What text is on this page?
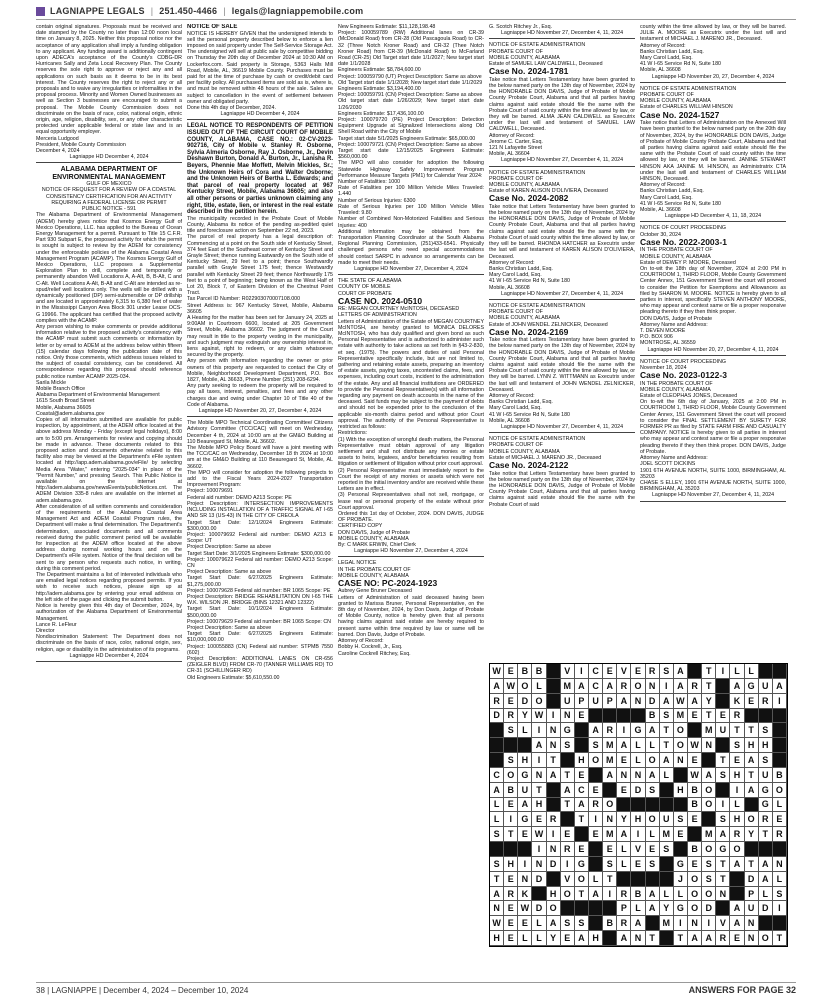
LAGNIAPPE LEGALS | 251.450-4466 | legals@lagniappemobile.com

contain original signatures. Proposals must be received and date stamped by the County no later than 12:00 noon local time on January 8, 2025. Neither this proposal notice nor the acceptance of any application shall imply a funding obligation to any applicant. Any funding award is additionally contingent upon ADECA's acceptance of the County's CDBG-DR Hurricanes Sally and Zeta Local Recovery Plan. The County reserves the sole right to approve or reject any and all applications on such basis as it deems to be in its best interest. The County reserves the right to reject any or all proposals and to waive any irregularities or informalities in the proposal process. Minority and Women Owned businesses as well as Section 3 businesses are encouraged to submit a proposal. The Mobile County Commission does not discriminate on the basis of race, color, national origin, ethnic origin, age, religion, disability, sex, or any other characteristic protected under applicable federal or state law and is an equal opportunity employer.

Merceria Ludgood
President, Mobile County Commission
December 4, 2024

Lagniappe HD December 4, 2024

ALABAMA DEPARTMENT OF ENVIRONMENTAL MANAGEMENT

GULF OF MEXICO
NOTICE OF REQUEST FOR A REVIEW OF A COASTAL CONSISTENCY CERTIFICATION FOR AN ACTIVITY REQUIRING A FEDERAL LICENSE OR PERMIT
PUBLIC NOTICE - 591

The Alabama Department of Environmental Management (ADEM) hereby gives notice that Kosmos Energy Gulf of Mexico Operations, LLC. has applied to the Bureau of Ocean Energy Management for a permit. Pursuant to Title 15 C.F.R. Part 930 Subpart E, the proposed activity for which the permit is sought is subject to review by the ADEM for consistency under the enforceable policies of the Alabama Coastal Area Management Program (ACAMP). The Kosmos Energy Gulf of Mexico Operations, LLC proposes a Supplemental Exploration Plan to drill, complete and temporarily or permanently abandon Well Locations A, A-Alt, B, B-Alt, C and C-Alt. Well Locations A-Alt, B-Alt and C-Alt are intended as re-spud/relief well locations only. The wells will be drilled with a dynamically positioned (DP) semi-submersible or DP drillship and are located in approximately 6,315 to 6,380 feet of water in the Mississippi Canyon Area Block 301 under Lease OCS-G 19966. The applicant has certified that the proposed activity complies with the ACAMP.

Any person wishing to make comments or provide additional information relative to the proposed activity's consistency with the ACAMP must submit such comments or information by letter or by email to ADEM at the address below within fifteen (15) calendar days following the publication date of this notice. Only those comments, which address issues related to the subject of coastal consistency, can be considered. All correspondence regarding this proposal should reference public notice number ACAMP 2025-034.

Sarila Mickle
Mobile Branch Office
Alabama Department of Environmental Management
1615 South Broad Street
Mobile, Alabama 36605
Coastal@adem.alabama.gov

Copies of all information submitted are available for public inspection, by appointment, at the ADEM office located at the above address Monday - Friday (except legal holidays), 8:00 am to 5:00 pm. Arrangements for review and copying should be made in advance. These documents related to this proposed action and documents otherwise related to this facility also may be viewed at the Department's eFile system located at http://app.adem.alabama.gov/eFile/ by selecting Media Area "Water," entering "2025-034" in place of the "Permit Number," and pressing Search. This Public Notice is available on the internet at http://adem.alabama.gov/newsEvents/publicNotices.cnt. The ADEM Division 335-8 rules are available on the internet at adem.alabama.gov.

After consideration of all written comments and consideration of the requirements of the Alabama Coastal Area Management Act and ADEM Coastal Program rules, the Department will make a final determination. The Department's determination, associated documents and all comments received during the public comment period will be available for inspection at the ADEM office located at the above address during normal working hours and on the Department's eFile system. Notice of the final decision will be sent to any person who requests such notice, in writing, during this comment period.

The Department maintains a list of interested individuals who are emailed legal notices regarding proposed permits. If you wish to receive such notices, please sign up at http://adem.alabama.gov by entering your email address on the left side of the page and clicking the submit button.

Notice is hereby given this 4th day of December, 2024, by authorization of the Alabama Department of Environmental Management.

Lance R. LeFleur
Director
Nondiscrimination Statement: The Department does not discriminate on the basis of race, color, national origin, sex, religion, age or disability in the administration of its programs.

Lagniappe HD December 4, 2024

NOTICE OF SALE

NOTICE IS HEREBY GIVEN that the undersigned intends to sell the personal property described below to enforce a lien imposed on said property under The Self-Service Storage Act. The undersigned will sell at public sale by competitive bidding on Thursday the 20th day of December 2024 at 10:30 AM on Lockerfox.com. Said property is Storage, 5363 Halls Mill Road, Mobile, AL, 36619 Mobile County. Purchases must be paid for at the time of purchase by cash or credit/debit card per facility policy. All purchased items are sold as is, where is, and must be removed within 48 hours of the sale. Sales are subject to cancellation in the event of settlement between owner and obligated party.
Done this 4th day of December, 2024.

Lagniappe HD December 4, 2024

LEGAL NOTICE TO RESPONDENTS OF PETITION ISSUED OUT OF THE CIRCUIT COURT OF MOBILE COUNTY, ALABAMA, CASE NO.: 02-CV-2023-902716, City of Mobile v. Stanley R. Osborne, Sylvia Almeria Osborne, Ray J. Osborne, Jr., Devin Deshawn Burton, Donald A. Burton, Jr., Lanisha R. Beyers, Phennie Mae Moffett, Melvin Mickles, Sr.; the Unknown Heirs of Cora and Walter Osborne; and the Unknown Heirs of Bertha L. Edwards; and that parcel of real property located at 967 Kentucky Street, Mobile, Alabama 36605; and also all other persons or parties unknown claiming any right, title, estate, lien, or interest in the real estate described in the petition herein.

The municipality recorded in the Probate Court of Mobile County, Alabama its notice of the pending as-pedited quiet title and foreclosure action on September 22 nd, 2023.

The parcel of real property has a legal description of: Commencing at a point on the South side of Kentucky Street, 374 feet East of the Southeast corner of Kentucky Street and Grayle Street; thence running Eastwardly on the South side of Kentucky Street, 29 feet to a point; thence Southwardly parallel with Grayle Street 175 feet; thence Westwardly parallel with Kentucky Street 29 feet; thence Northwardly 175 feet to a point of beginning; being known as the West Half of Lot 20, Block 7, of Eastern Division of the Chestnut Point Tract.
Tax Parcel ID Number: R022903070007108.000
Street Address is: 967 Kentucky Street, Mobile, Alabama 36605

A Hearing for the matter has been set for January 24, 2025 at 9:00AM in Courtroom 6600, located at 205 Government Street, Mobile, Alabama 36602. The judgment of the Court may result in title to the property vesting in the municipality, and such judgment may extinguish any ownership interest in, liens against, right to redeem, or any claim whatsoever secured by the property.

Any person with information regarding the owner or prior owners of this property are requested to contact the City of Mobile, Neighborhood Development Department, P.O. Box 1827, Mobile, AL 36633, Phone Number (251) 208-6294.
Any party seeking to redeem the property will be required to pay all taxes, interest, penalties, and fees and any other charges due and owing under Chapter 10 of Title 40 of the Code of Alabama.

Lagniappe HD November 20, 27, December 4, 2024

The Mobile MPO Technical Coordinating Committee/ Citizens Advisory Committee (TCC/CAC) will meet on Wednesday, December 4 th, 2024 at 10:00 am at the GM&O Building at 110 Beauregard St, Mobile, AL 36602.

The Mobile MPO Policy Board will have a joint meeting with the TCC/CAC on Wednesday, December 18 th 2024 at 10:00 am at the GM&O Building at 110 Beauregard St, Mobile, AL 36602.
The MPO will consider for adoption the following projects to add to the Fiscal Years 2024-2027 Transportation Improvement Program:
Project: 100079691
Federal aid number: DEMO A213 Scope: PE
Project Description: INTERSECTION IMPROVEMENTS INCLUDING INSTALLATION OF A TRAFFIC SIGNAL AT I-65 AND SR 13 (US-43) IN THE CITY OF CREOLA
Target Start Date: 12/1/2024 Engineers Estimate: $300,000.00
Project: 100079692 Federal aid number: DEMO A213 E Scope: UT
Project Description: Same as above
Target Start Date: 3/1/2025 Engineers Estimate: $300,000.00
Project: 100079622 Federal aid number: DEMO A213 Scope: CN
Project Description: Same as above
Target Start Date: 6/27/2025 Engineers Estimate: $1,275,000.00
Project: 100079628 Federal aid number: BR 1065 Scope: PE
Project Description: BRIDGE REHABILITATION ON I-65 THE W.K. WILSON JR. BRIDGE (BINS 12321 AND 12322)
Target Start Date: 10/1/2024 Engineers Estimate: $500,000.00
Project: 100079629 Federal aid number: BR 1065 Scope: CN
Project Description: Same as above
Target Start Date: 6/27/2025 Engineers Estimate: $10,000,000.00
Project: 100055883 (CN) Federal aid number: STPMB 7550 (602)
Project Description: ADDITIONAL LANES ON CR-656 (ZEIGLER BLVD) FROM CR-70 (TANNER WILLIAMS RD) TO CR-31 (SCHILLINGER RD)
Old Engineers Estimate: $5,610,550.00

New Engineers Estimate: $11,128,198.48
Project: 100059789 (RW) Additional lanes on CR-39 (McDonald Road) from CR-28 (Old Pascagoula Road) to CR-32 (Three Notch Kroner Road) and CR-32 (Thee Notch Kroner Road) from CR-39 (McDonald Road) to McFarland Road (CR-25) Old Target start date 1/1/2027; New target start date 1/1/2028
Engineers Estimate: $8,784,600.00
Project: 100059790 (UT) Project Description: Same as above
Old Target start date 1/1/2028; New target start date 1/1/2029
Engineers Estimate: $3,194,400.00
Project: 100059791 (CN) Project Description: Same as above
Old target start date 1/26/2029; New target start date 1/26/2030
Engineers Estimate: $17,436,100.00
Project: 100079720 (PE) Project Description: Detection Equipment Upgrade at Signalized Intersections along Old Shell Road within the City of Mobile
Target start date 5/1/2025 Engineers Estimate: $65,000.00
Project: 100079721 (CN) Project Description: Same as above
Target start date 12/15/2025 Engineers Estimate: $560,000.00

The MPO will also consider for adoption the following Statewide Highway Safety Improvement Program Performance Measure Targets (PM1) for Calendar Year 2024:
Number of Fatalities: 1000
Rate of Fatalities per 100 Million Vehicle Miles Traveled: 1.440
Number of Serious Injuries: 6300
Rate of Serious Injuries per 100 Million Vehicle Miles Traveled: 9.80
Number of Combined Non-Motorized Fatalities and Serious Injuries: 400
Additional information may be obtained from the Transportation Planning Coordinator at the South Alabama Regional Planning Commission, (251)433-6541. Physically challenged persons who need special accommodations should contact SARPC in advance so arrangements can be made to meet their needs.

Lagniappe HD November 27, December 4, 2024

THE STATE OF ALABAMA
COUNTY OF MOBILE
COURT OF PROBATE

CASE NO. 2024-0510

RE: MEGAN COURTNEY McINTOSH, DECEASED
LETTERS OF ADMINISTRATION
Letters of Administration of the Estate of MEGAN COURTNEY McINTOSH, are hereby granted to MONICA DELORES McINTOSH, who has duly qualified and given bond as such Personal Representative and is authorized to administer such estate with authority to take actions as set forth in §43-2-830, et seq. (1975). The powers and duties of said Personal Representative specifically include, but are not limited to, gathering and retaining estate assets, preparing an inventory of estate assets, paying taxes, uncontested claims, fees, and expenses, including court costs, incident to the administration of the estate. Any and all financial institutions are ORDERED to provide the Personal Representative(s) with all information regarding any payment on death accounts in the name of the deceased. Said funds may be subject to the payment of debts and should not be expended prior to the conclusion of the applicable six-month claims period and without prior Court approval. The authority of the Personal Representative is restricted as follows:
Restrictions:
(1) With the exception of wrongful death matters, the Personal Representative must obtain approval of any litigation settlement and shall not distribute any monies or estate assets to heirs, legatees, and/or beneficiaries resulting from litigation or settlement of litigation without prior court approval.
(2) Personal Representative must immediately report to the Court the receipt of any monies or assets which were not reported in the initial inventory and/or are received while these Letters are in effect.
(3) Personal Representatives shall not sell, mortgage, or lease real or personal property of the estate without prior Court approval.
Ordered this 1st day of October, 2024. DON DAVIS, JUDGE OF PROBATE.
CERTIFIED COPY
DON DAVIS, Judge of Probate
MOBILE COUNTY, ALABAMA
By: C MARK ERWIN, Chief Clerk

Lagniappe HD November 27, December 4, 2024

LEGAL NOTICE
IN THE PROBATE COURT OF
MOBILE COUNTY, ALABAMA

CASE NO: PC-2024-1923

Aubrey Gene Bruner Deceased
Letters of Administration of said deceased having been granted to Marissa Bruner, Personal Representative, on the 8th day of November, 2024, by Don Davis, Judge of Probate of Mobile County, notice is hereby given that all persons having claims against said estate are hereby required to present same within time required by law or same will be barred. Don Davis, Judge of Probate.
Attorney of Record:
Bobby H. Cockrell, Jr., Esq.
Caroline Cockrell Ritchey, Esq.

G. Scotch Ritchey Jr., Esq.

Lagniappe HD November 27, December 4, 11, 2024

NOTICE OF ESTATE ADMINISTRATION
PROBATE COURT OF
MOBILE COUNTY, ALABAMA
Estate of SAMUEL LAW CALDWELL, Deceased

Case No. 2024-1781

Take notice that Letters Testamentary have been granted to the below named party on the 13th day of November, 2024 by the HONORABLE DON DAVIS, Judge of Probate of Mobile County Probate Court, Alabama and that all parties having claims against said estate should file the same with the Probate Court of said county within the time allowed by law, or they will be barred. ALMA JEAN CALDWELL as Executrix under the last will and testament of SAMUEL LAW CALDWELL, Deceased.
Attorney of Record:
Jerome C. Carter, Esq.
121 N Lafayette Street
Mobile, AL 36604

Lagniappe HD November 27, December 4, 11, 2024

NOTICE OF ESTATE ADMINISTRATION
PROBATE COURT OF
MOBILE COUNTY, ALABAMA
Estate of KAREN ALISON D'OLIVIERA, Deceased

Case No. 2024-2082

Take notice that Letters Testamentary have been granted to the below named party on the 13th day of November, 2024 by the HONORABLE DON DAVIS, Judge of Probate of Mobile County Probate Court, Alabama and that all parties having claims against said estate should file the same with the Probate Court of said county within the time allowed by law, or they will be barred. RHONDA HATCHER as Executrix under the last will and testament of KAREN ALISON D'OLIVIERA, Deceased.
Attorney of Record:
Banks Christian Ladd, Esq.
Mary Carol Ladd, Esq.
41 W I-65 Service Rd N, Suite 180
Mobile, AL 36608

Lagniappe HD November 27, December 4, 11, 2024

NOTICE OF ESTATE ADMINISTRATION
PROBATE COURT OF
MOBILE COUNTY, ALABAMA
Estate of JOHN WENDEL ZELNICKER, Deceased

Case No. 2024-2169

Take notice that Letters Testamentary have been granted to the below named party on the 13th day of November, 2024 by the HONORABLE DON DAVIS, Judge of Probate of Mobile County Probate Court, Alabama and that all parties having claims against said estate should file the same with the Probate Court of said county within the time allowed by law, or they will be barred. LYNN Z. WITTMANN as Executrix under the last will and testament of JOHN WENDEL ZELNICKER, Deceased.
Attorney of Record:
Banks Christian Ladd, Esq.
Mary Carol Ladd, Esq.
41 W I-65 Service Rd N, Suite 180
Mobile, AL 36608

Lagniappe HD November 27, December 4, 11, 2024

NOTICE OF ESTATE ADMINISTRATION
PROBATE COURT OF
MOBILE COUNTY, ALABAMA
Estate of MICHAEL J. MARENO JR., Deceased

Case No. 2024-2122

Take notice that Letters Testamentary have been granted to the below named party on the 13th day of November, 2024 by the HONORABLE DON DAVIS, Judge of Probate of Mobile County Probate Court, Alabama and that all parties having claims against said estate should file the same with the Probate Court of said

county within the time allowed by law, or they will be barred. JULIE A. MOORE as Executrix under the last will and testament of MICHAEL J. MARENO JR., Deceased.
Attorney of Record:
Banks Christian Ladd, Esq.
Mary Carol Ladd, Esq.
41 W I-65 Service Rd N, Suite 180
Mobile, AL 36608

Lagniappe HD November 20, 27, December 4, 2024

NOTICE OF ESTATE ADMINISTRATION
PROBATE COURT OF
MOBILE COUNTY, ALABAMA
Estate of CHARLES WILLIAM HINSON

Case No. 2024-1527

Take notice that Letters of Administration on the Annexed Will have been granted to the below named party on the 20th day of November, 2024, by the HONORABLE DON DAVIS, Judge of Probate of Mobile County Probate Court, Alabama and that all parties having claims against said estate should file the same with the Probate Court of said county within the time allowed by law, or they will be barred. JANINE STEWART HINSON AKA JANINE M. HINSON, as Administratrix CTA under the last will and testament of CHARLES WILLIAM HINSON, Deceased.
Attorney of Record:
Banks Christian Ladd, Esq.
Mary Carol Ladd, Esq.
41 W I-65 Service Rd N, Suite 180
Mobile, AL 36608

Lagniappe HD December 4, 11, 18, 2024

NOTICE OF COURT PROCEEDING
October 30, 2024

Case No. 2022-2003-1

IN THE PROBATE COURT OF
MOBILE COUNTY, ALABAMA
Estate of DEWEY P. MOORE, Deceased
On to-wit the 18th day of November, 2024 at 2:00 PM in COURTROOM 1, THIRD FLOOR, Mobile County Government Center Annex, 151 Government Street the court will proceed to consider the Petition for Exemptions and Allowances as filed by SHARON M. MOORE. NOTICE is hereby given to all parties in interest, specifically STEVEN ANTHONY MOORE, who may appear and contest same or file a proper responsive pleading thereto if they then think proper.
DON DAVIS, Judge of Probate
Attorney Name and Address:
T. DEVEN MOORE
P.O. BOX 906
MONTROSE, AL 36559

Lagniappe HD November 20, 27, December 4, 11, 2024

NOTICE OF COURT PROCEEDING
November 18, 2024

Case No. 2023-0122-3

IN THE PROBATE COURT OF
MOBILE COUNTY, ALABAMA
Estate of CLEOPHAS JONES, Deceased
On to-wit the 6th day of January, 2025 at 2:00 PM in COURTROOM 1, THIRD FLOOR, Mobile County Government Center Annex, 151 Government Street the court will proceed to consider the FINAL SETTLEMENT BY SURETY FOR FORMER PR as filed by STATE FARM FIRE AND CASUALTY COMPANY. NOTICE is hereby given to all parties in interest who may appear and contest same or file a proper responsive pleading thereto if they then think proper. DON DAVIS, Judge of Probate.
Attorney Name and Address:
JOEL SCOTT DICKINS
1901 6TH AVENUE NORTH, SUITE 1000, BIRMINGHAM, AL 35203
CHASE S ELLEY, 1901 6TH AVENUE NORTH, SUITE 1000, BIRMINGHAM, AL 35203

Lagniappe HD November 27, December 4, 11, 2024

W E B B	V	I	C E V E R S A	T	I	L L
A W O L	M A C A R O N	I	A R T	A G U A
R E D O	U P U P A N D A W A Y	K E R	I
D R Y W I	N E	B S M E T E R
S L	I	N G	A R	I	G A T O	M U T T S
A N S	S M A L L T O W N	S H H
S H	I	T	H O M E L O A N E	T E A S
C O G N A T E	A N N A L	W A S H T U B
A B U T	A C E	E D S	H B O	I	A G O
L E A H	T A R O	B O	I	L	G L
L	I	G E R	T	I	N Y H O U S E	S H O R E
S T E W I	E	E M A	I	L M E	M A R Y T R
I	N R E	E L V E S	B O G O
S H	I	N D	I	G	S L E S	G E S T A T A N
T E N D	V O L T	J O S T	D A L
A R K	H O T A	I	R B A L L O O N	P L S
N E W D O	P L A Y G O D	A U D	I
W E E L A S S	B R A	M	I	N	I	V A N
H E L L Y E A H	A N T	T A A R E N O T
38 | LAGNIAPPE | December 4, 2024 – December 10, 2024	ANSWERS FOR PAGE 32
